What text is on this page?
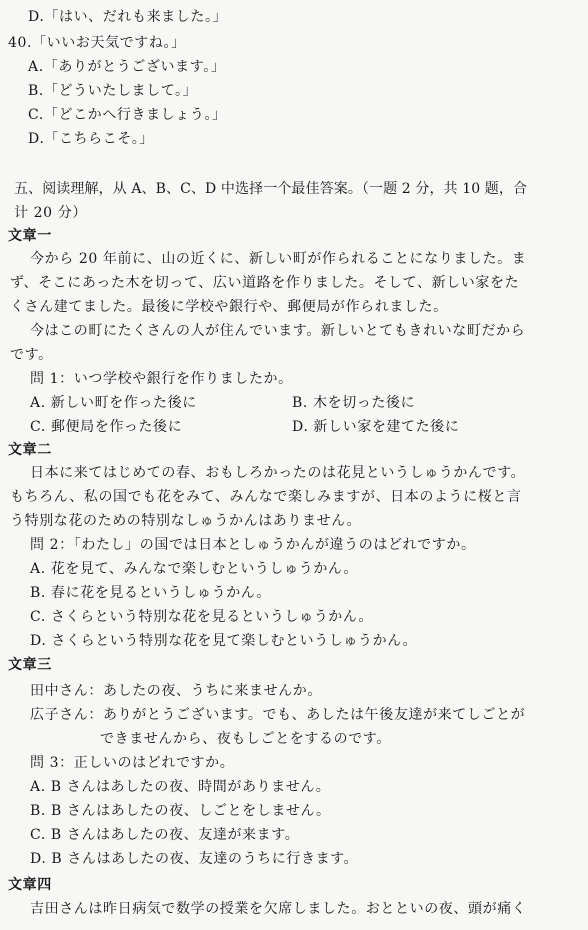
D.「はい、だれも来ました。」
40.「いいお天気ですね。」
A.「ありがとうございます。」
B.「どういたしまして。」
C.「どこかへ行きましょう。」
D.「こちらこそ。」
五、阅读理解，从 A、B、C、D 中选择一个最佳答案。（一题 2 分，共 10 题，合
计 20 分）
文章一
今から 20 年前に、山の近くに、新しい町が作られることになりました。ま
ず、そこにあった木を切って、広い道路を作りました。そして、新しい家をた
くさん建てました。最後に学校や銀行や、郵便局が作られました。
今はこの町にたくさんの人が住んでいます。新しいとてもきれいな町だから
です。
問 1：いつ学校や銀行を作りましたか。
A. 新しい町を作った後に	B. 木を切った後に
C. 郵便局を作った後に	D. 新しい家を建てた後に
文章二
日本に来てはじめての春、おもしろかったのは花見というしゅうかんです。
もちろん、私の国でも花をみて、みんなで楽しみますが、日本のように桜と言
う特別な花のための特別なしゅうかんはありません。
問 2：「わたし」の国では日本としゅうかんが違うのはどれですか。
A. 花を見て、みんなで楽しむというしゅうかん。
B. 春に花を見るというしゅうかん。
C. さくらという特別な花を見るというしゅうかん。
D. さくらという特別な花を見て楽しむというしゅうかん。
文章三
田中さん：あしたの夜、うちに来ませんか。
広子さん：ありがとうございます。でも、あしたは午後友達が来てしごとが
できませんから、夜もしごとをするのです。
問 3：正しいのはどれですか。
A. B さんはあしたの夜、時間がありません。
B. B さんはあしたの夜、しごとをしません。
C. B さんはあしたの夜、友達が来ます。
D. B さんはあしたの夜、友達のうちに行きます。
文章四
吉田さんは昨日病気で数学の授業を欠席しました。おとといの夜、頭が痛く
